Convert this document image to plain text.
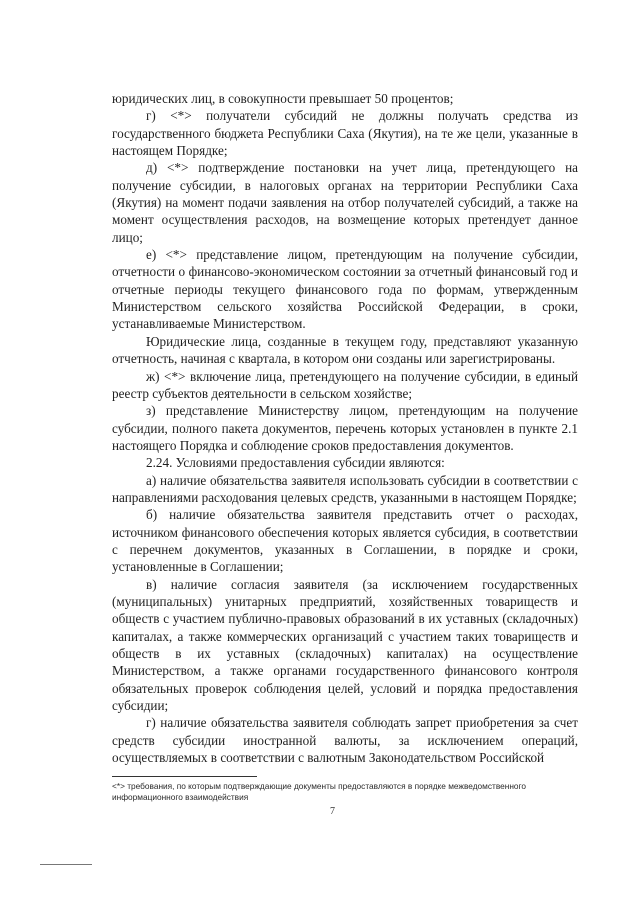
юридических лиц, в совокупности превышает 50 процентов;

г) <*> получатели субсидий не должны получать средства из государственного бюджета Республики Саха (Якутия), на те же цели, указанные в настоящем Порядке;

д) <*> подтверждение постановки на учет лица, претендующего на получение субсидии, в налоговых органах на территории Республики Саха (Якутия) на момент подачи заявления на отбор получателей субсидий, а также на момент осуществления расходов, на возмещение которых претендует данное лицо;

е) <*> представление лицом, претендующим на получение субсидии, отчетности о финансово-экономическом состоянии за отчетный финансовый год и отчетные периоды текущего финансового года по формам, утвержденным Министерством сельского хозяйства Российской Федерации, в сроки, устанавливаемые Министерством.

Юридические лица, созданные в текущем году, представляют указанную отчетность, начиная с квартала, в котором они созданы или зарегистрированы.

ж) <*> включение лица, претендующего на получение субсидии, в единый реестр субъектов деятельности в сельском хозяйстве;

з) представление Министерству лицом, претендующим на получение субсидии, полного пакета документов, перечень которых установлен в пункте 2.1 настоящего Порядка и соблюдение сроков предоставления документов.

2.24. Условиями предоставления субсидии являются:

а) наличие обязательства заявителя использовать субсидии в соответствии с направлениями расходования целевых средств, указанными в настоящем Порядке;

б) наличие обязательства заявителя представить отчет о расходах, источником финансового обеспечения которых является субсидия, в соответствии с перечнем документов, указанных в Соглашении, в порядке и сроки, установленные в Соглашении;

в) наличие согласия заявителя (за исключением государственных (муниципальных) унитарных предприятий, хозяйственных товариществ и обществ с участием публично-правовых образований в их уставных (складочных) капиталах, а также коммерческих организаций с участием таких товариществ и обществ в их уставных (складочных) капиталах) на осуществление Министерством, а также органами государственного финансового контроля обязательных проверок соблюдения целей, условий и порядка предоставления субсидии;

г) наличие обязательства заявителя соблюдать запрет приобретения за счет средств субсидии иностранной валюты, за исключением операций, осуществляемых в соответствии с валютным Законодательством Российской

<*> требования, по которым подтверждающие документы предоставляются в порядке межведомственного информационного взаимодействия
7
